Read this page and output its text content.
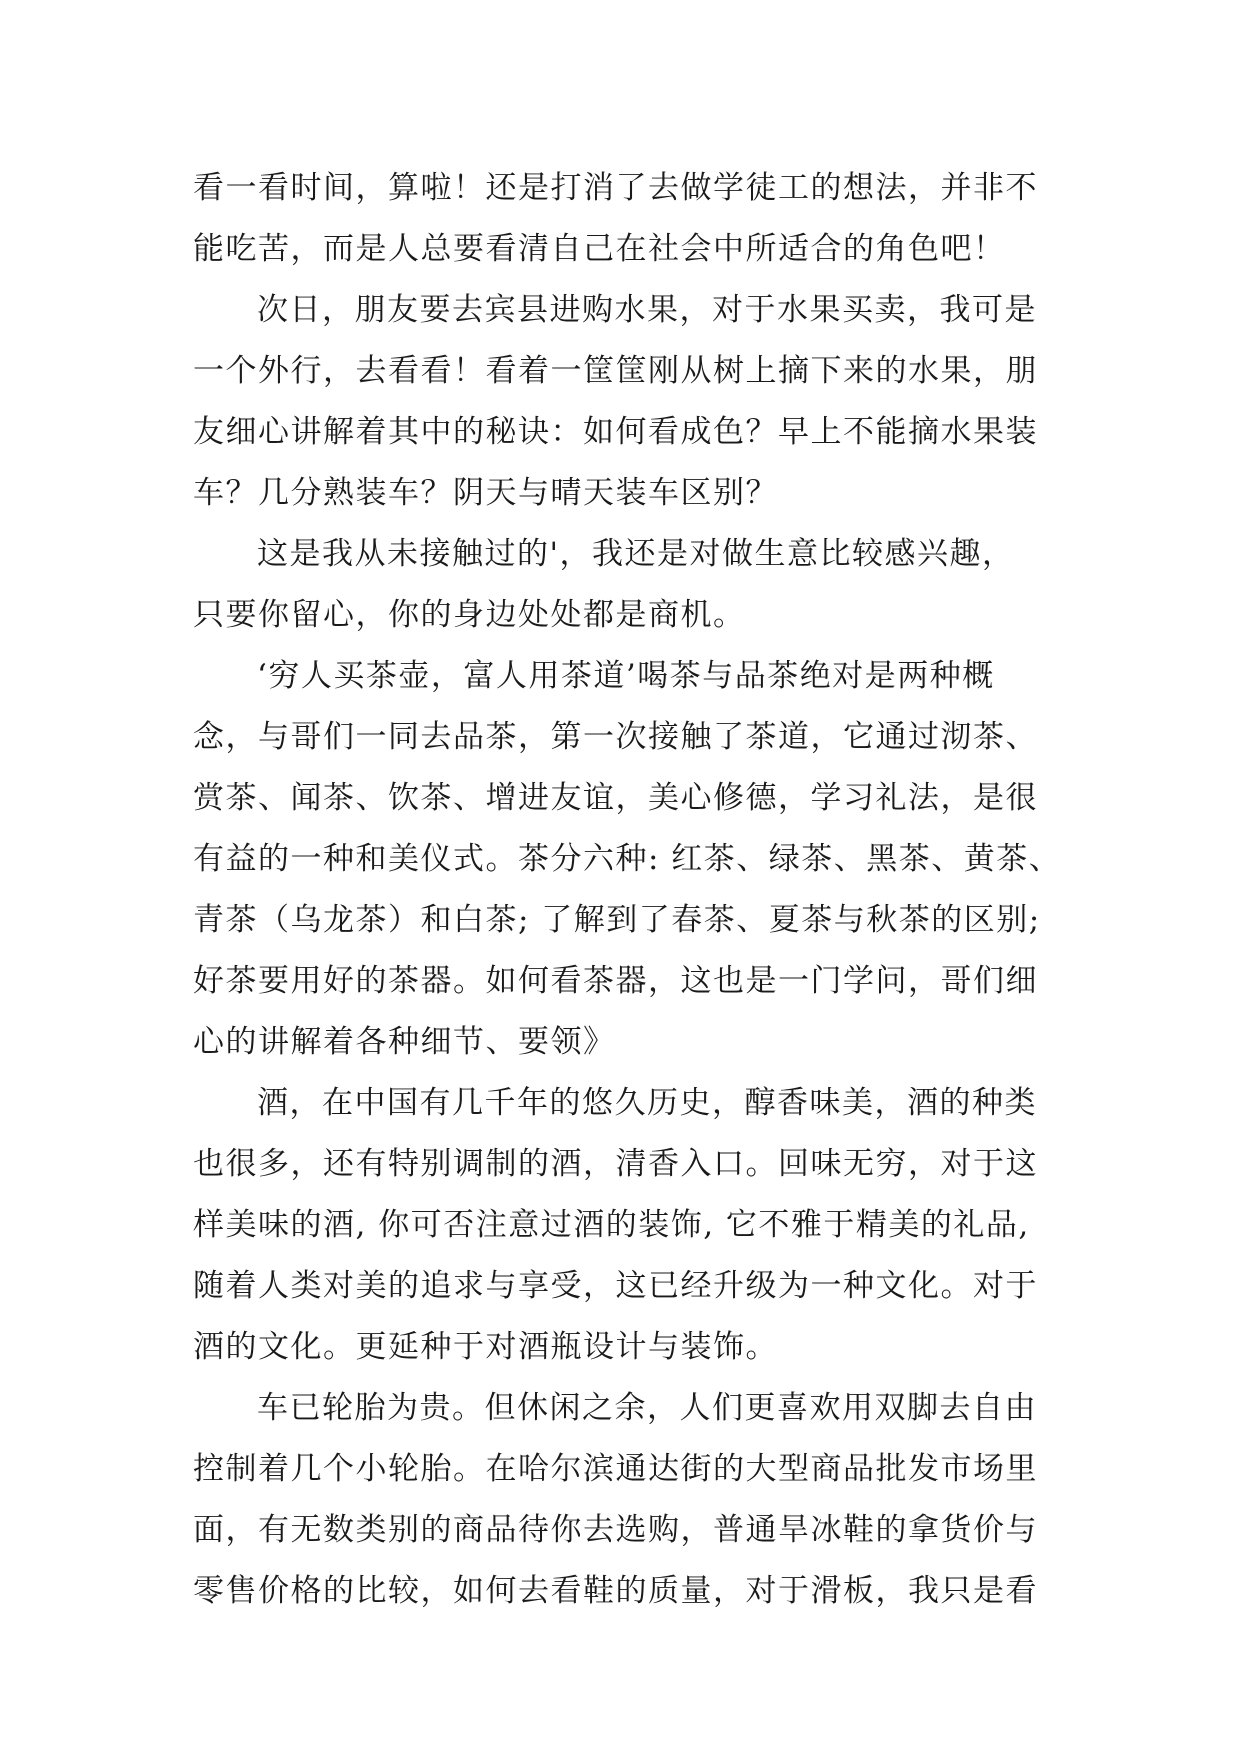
看一看时间，算啦！还是打消了去做学徒工的想法，并非不
能吃苦，而是人总要看清自己在社会中所适合的角色吧！
次日，朋友要去宾县进购水果，对于水果买卖，我可是
一个外行，去看看！看着一筐筐刚从树上摘下来的水果，朋
友细心讲解着其中的秘诀：如何看成色？早上不能摘水果装
车？几分熟装车？阴天与晴天装车区别？
这是我从未接触过的'，我还是对做生意比较感兴趣，
只要你留心，你的身边处处都是商机。
‘穷人买茶壶，富人用茶道’喝茶与品茶绝对是两种概
念，与哥们一同去品茶，第一次接触了茶道，它通过沏茶、
赏茶、闻茶、饮茶、增进友谊，美心修德，学习礼法，是很
有益的一种和美仪式。茶分六种: 红茶、绿茶、黑茶、黄茶、
青茶（乌龙茶）和白茶; 了解到了春茶、夏茶与秋茶的区别;
好茶要用好的茶器。如何看茶器，这也是一门学问，哥们细
心的讲解着各种细节、要领》
酒，在中国有几千年的悠久历史，醇香味美，酒的种类
也很多，还有特别调制的酒，清香入口。回味无穷，对于这
样美味的酒, 你可否注意过酒的装饰, 它不雅于精美的礼品,
随着人类对美的追求与享受，这已经升级为一种文化。对于
酒的文化。更延种于对酒瓶设计与装饰。
车已轮胎为贵。但休闲之余，人们更喜欢用双脚去自由
控制着几个小轮胎。在哈尔滨通达街的大型商品批发市场里
面，有无数类别的商品待你去选购，普通旱冰鞋的拿货价与
零售价格的比较，如何去看鞋的质量，对于滑板，我只是看
